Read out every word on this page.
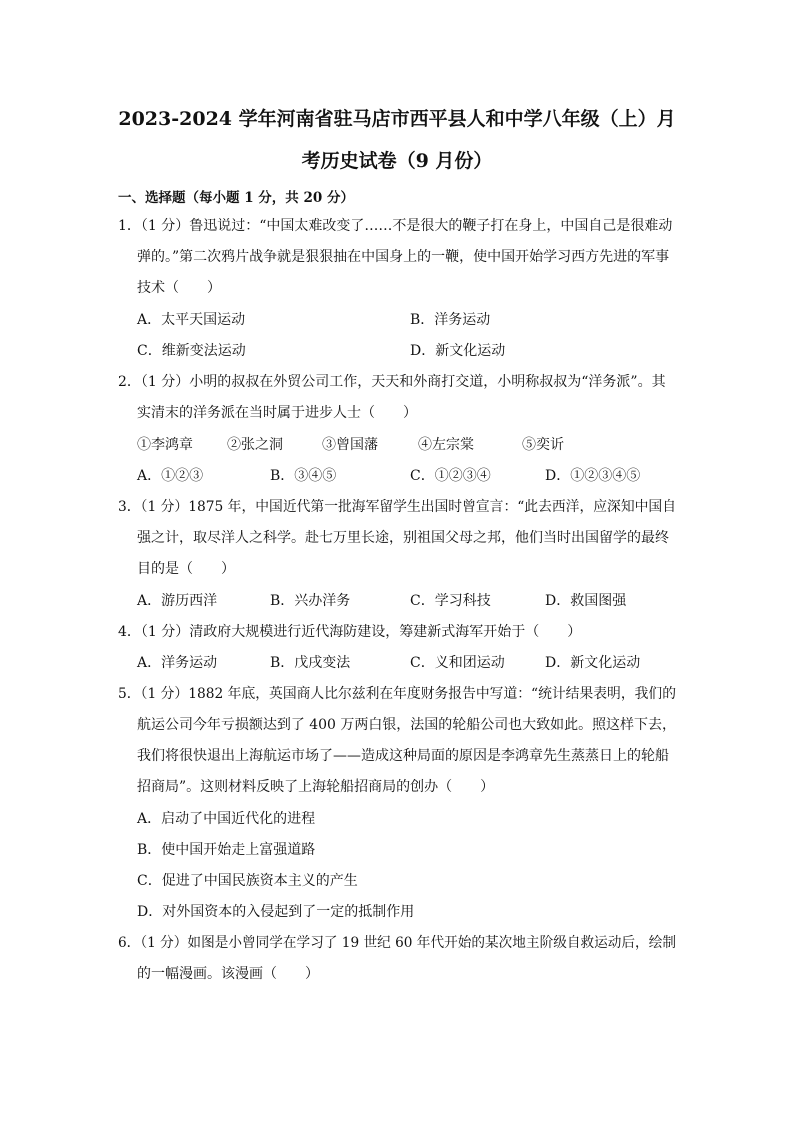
2023-2024 学年河南省驻马店市西平县人和中学八年级（上）月
考历史试卷（9 月份）
一、选择题（每小题 1 分，共 20 分）
1．（1 分）鲁迅说过：“中国太难改变了……不是很大的鞭子打在身上，中国自己是很难动
弹的。”第二次鸦片战争就是狠狠抽在中国身上的一鞭，使中国开始学习西方先进的军事
技术（　　）
A．太平天国运动	B．洋务运动
C．维新变法运动	D．新文化运动
2．（1 分）小明的叔叔在外贸公司工作，天天和外商打交道，小明称叔叔为“洋务派”。其
实清末的洋务派在当时属于进步人士（　　）
①李鸿章 ②张之洞	③曾国藩	④左宗棠	⑤奕䜣
A．①②③	B．③④⑤	C．①②③④	D．①②③④⑤
3．（1 分）1875 年，中国近代第一批海军留学生出国时曾宣言：“此去西洋，应深知中国自
强之计，取尽洋人之科学。赴七万里长途，别祖国父母之邦，他们当时出国留学的最终
目的是（　　）
A．游历西洋	B．兴办洋务	C．学习科技	D．救国图强
4．（1 分）清政府大规模进行近代海防建设，筹建新式海军开始于（　　）
A．洋务运动	B．戊戌变法	C．义和团运动	D．新文化运动
5．（1 分）1882 年底，英国商人比尔兹利在年度财务报告中写道：“统计结果表明，我们的
航运公司今年亏损额达到了 400 万两白银，法国的轮船公司也大致如此。照这样下去，
我们将很快退出上海航运市场了——造成这种局面的原因是李鸿章先生蒸蒸日上的轮船
招商局”。这则材料反映了上海轮船招商局的创办（　　）
A．启动了中国近代化的进程
B．使中国开始走上富强道路
C．促进了中国民族资本主义的产生
D．对外国资本的入侵起到了一定的抵制作用
6．（1 分）如图是小曾同学在学习了 19 世纪 60 年代开始的某次地主阶级自救运动后，绘制
的一幅漫画。该漫画（　　）
